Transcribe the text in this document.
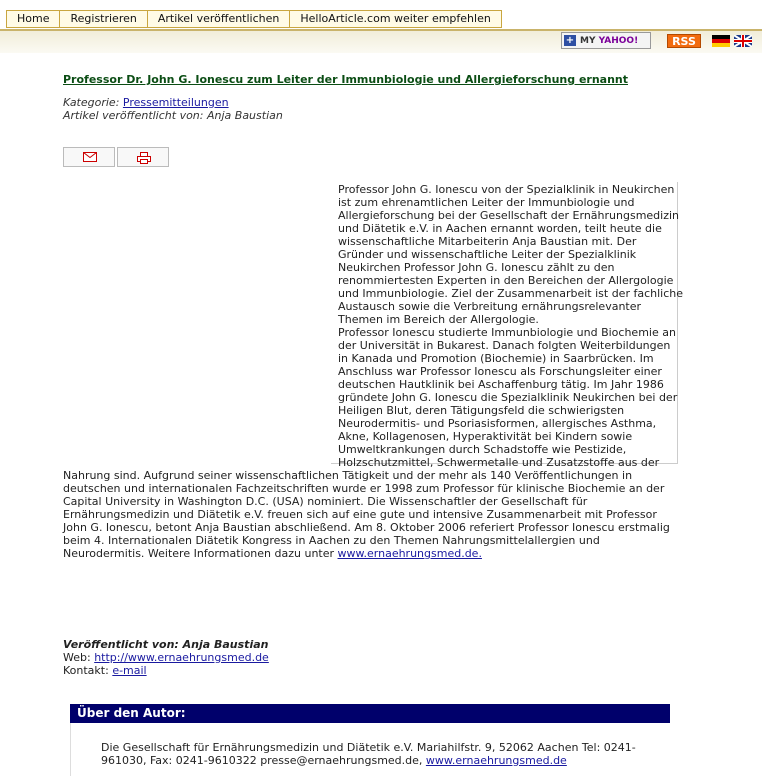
Home	Registrieren	Artikel veröffentlichen	HelloArticle.com weiter empfehlen
+ MY YAHOO!	RSS
Professor Dr. John G. Ionescu zum Leiter der Immunbiologie und Allergieforschung ernannt
Kategorie: Pressemitteilungen
Artikel veröffentlicht von: Anja Baustian

Professor John G. Ionescu von der Spezialklinik in Neukirchen ist zum ehrenamtlichen Leiter der Immunbiologie und Allergieforschung bei der Gesellschaft der Ernährungsmedizin und Diätetik e.V. in Aachen ernannt worden, teilt heute die wissenschaftliche Mitarbeiterin Anja Baustian mit. Der Gründer und wissenschaftliche Leiter der Spezialklinik Neukirchen Professor John G. Ionescu zählt zu den renommiertesten Experten in den Bereichen der Allergologie und Immunbiologie. Ziel der Zusammenarbeit ist der fachliche Austausch sowie die Verbreitung ernährungsrelevanter Themen im Bereich der Allergologie.

Professor Ionescu studierte Immunbiologie und Biochemie an der Universität in Bukarest. Danach folgten Weiterbildungen in Kanada und Promotion (Biochemie) in Saarbrücken. Im Anschluss war Professor Ionescu als Forschungsleiter einer deutschen Hautklinik bei Aschaffenburg tätig. Im Jahr 1986 gründete John G. Ionescu die Spezialklinik Neukirchen bei der Heiligen Blut, deren Tätigungsfeld die schwierigsten Neurodermitis- und Psoriasisformen, allergisches Asthma, Akne, Kollagenosen, Hyperaktivität bei Kindern sowie Umweltkrankungen durch Schadstoffe wie Pestizide, Holzschutzmittel, Schwermetalle und Zusatzstoffe aus der Nahrung sind. Aufgrund seiner wissenschaftlichen Tätigkeit und der mehr als 140 Veröffentlichungen in deutschen und internationalen Fachzeitschriften wurde er 1998 zum Professor für klinische Biochemie an der Capital University in Washington D.C. (USA) nominiert. Die Wissenschaftler der Gesellschaft für Ernährungsmedizin und Diätetik e.V. freuen sich auf eine gute und intensive Zusammenarbeit mit Professor John G. Ionescu, betont Anja Baustian abschließend. Am 8. Oktober 2006 referiert Professor Ionescu erstmalig beim 4. Internationalen Diätetik Kongress in Aachen zu den Themen Nahrungsmittelallergien und Neurodermitis. Weitere Informationen dazu unter www.ernaehrungsmed.de.

Veröffentlicht von: Anja Baustian
Web: http://www.ernaehrungsmed.de
Kontakt: e-mail
Über den Autor:
Die Gesellschaft für Ernährungsmedizin und Diätetik e.V. Mariahilfstr. 9, 52062 Aachen Tel: 0241-961030, Fax: 0241-9610322 presse@ernaehrungsmed.de, www.ernaehrungsmed.de
